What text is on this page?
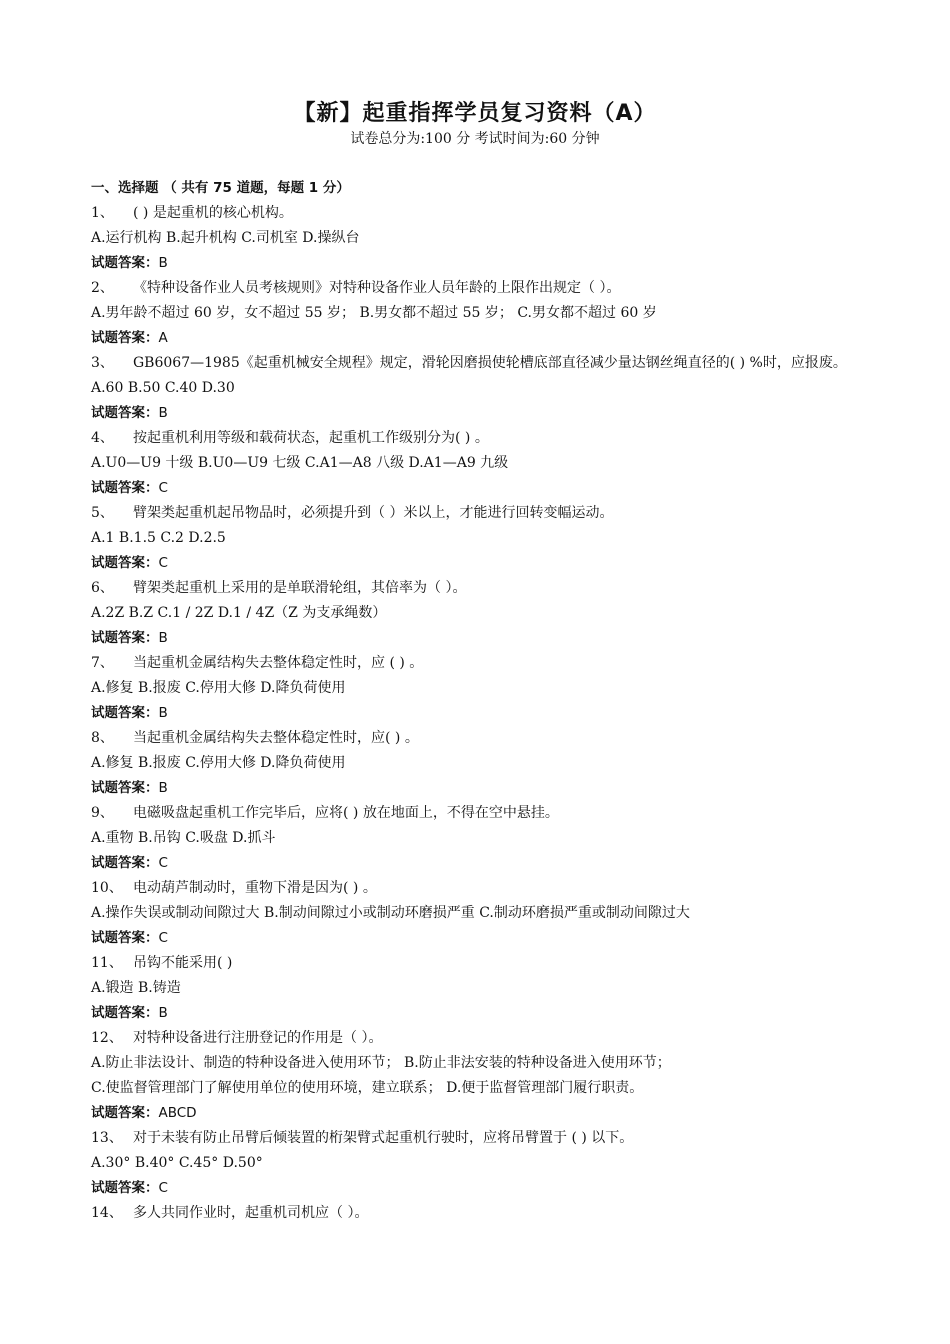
【新】起重指挥学员复习资料（A）
试卷总分为:100 分 考试时间为:60 分钟
一、选择题 （ 共有 75 道题，每题 1 分）
1、 ( ) 是起重机的核心机构。
A.运行机构 B.起升机构 C.司机室 D.操纵台
试题答案：B
2、 《特种设备作业人员考核规则》对特种设备作业人员年龄的上限作出规定（ ）。
A.男年龄不超过 60 岁，女不超过 55 岁； B.男女都不超过 55 岁； C.男女都不超过 60 岁
试题答案：A
3、 GB6067—1985《起重机械安全规程》规定，滑轮因磨损使轮槽底部直径减少量达钢丝绳直径的( ) %时，应报废。
A.60 B.50 C.40 D.30
试题答案：B
4、 按起重机利用等级和载荷状态，起重机工作级别分为( ) 。
A.U0—U9 十级 B.U0—U9 七级 C.A1—A8 八级 D.A1—A9 九级
试题答案：C
5、 臂架类起重机起吊物品时，必须提升到（ ）米以上，才能进行回转变幅运动。
A.1 B.1.5 C.2 D.2.5
试题答案：C
6、 臂架类起重机上采用的是单联滑轮组，其倍率为（ ）。
A.2Z B.Z C.1 / 2Z D.1 / 4Z（Z 为支承绳数）
试题答案：B
7、 当起重机金属结构失去整体稳定性时，应 ( ) 。
A.修复 B.报废 C.停用大修 D.降负荷使用
试题答案：B
8、 当起重机金属结构失去整体稳定性时，应( ) 。
A.修复 B.报废 C.停用大修 D.降负荷使用
试题答案：B
9、 电磁吸盘起重机工作完毕后，应将( ) 放在地面上，不得在空中悬挂。
A.重物 B.吊钩 C.吸盘 D.抓斗
试题答案：C
10、 电动葫芦制动时，重物下滑是因为( ) 。
A.操作失误或制动间隙过大 B.制动间隙过小或制动环磨损严重 C.制动环磨损严重或制动间隙过大
试题答案：C
11、 吊钩不能采用( )
A.锻造 B.铸造
试题答案：B
12、 对特种设备进行注册登记的作用是（ ）。
A.防止非法设计、制造的特种设备进入使用环节； B.防止非法安装的特种设备进入使用环节；
C.使监督管理部门了解使用单位的使用环境，建立联系； D.便于监督管理部门履行职责。
试题答案：ABCD
13、 对于未装有防止吊臂后倾装置的桁架臂式起重机行驶时，应将吊臂置于 ( ) 以下。
A.30° B.40° C.45° D.50°
试题答案：C
14、 多人共同作业时，起重机司机应（ ）。
